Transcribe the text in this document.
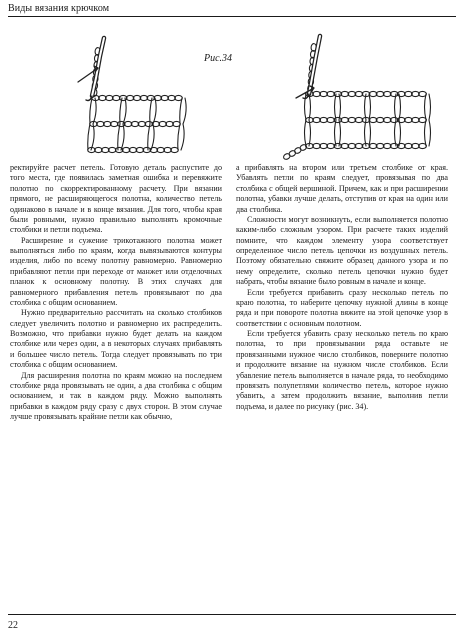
Виды вязания крючком
Рис.34

ректируйте расчет петель. Готовую деталь распустите до того места, где появилась заметная ошибка и перевяжите полотно по скорректированному расчету. При вязании прямого, не расширяющегося полотна, количество петель одинаково в начале и в конце вязания. Для того, чтобы края были ровными, нужно правильно выполнять кромочные столбики и петли подъема.

Расширение и сужение трикотажного полотна может выполняться либо по краям, когда вывязываются контуры изделия, либо по всему полотну равномерно. Равномерно прибавляют петли при переходе от манжет или отделочных планок к основному полотну. В этих случаях для равномерного прибавления петель провязывают по два столбика с общим основанием.

Нужно предварительно рассчитать на сколько столбиков следует увеличить полотно и равномерно их распределить. Возможно, что прибавки нужно будет делать на каждом столбике или через один, а в некоторых случаях прибавлять и большее число петель. Тогда следует провязывать по три столбика с общим основанием.

Для расширения полотна по краям можно на последнем столбике ряда провязывать не один, а два столбика с общим основанием, и так в каждом ряду. Можно выполнять прибавки в каждом ряду сразу с двух сторон. В этом случае лучше провязывать крайние петли как обычно,

а прибавлять на втором или третьем столбике от края. Убавлять петли по краям следует, провязывая по два столбика с общей вершиной. Причем, как и при расширении полотна, убавки лучше делать, отступив от края на один или два столбика.

Сложности могут возникнуть, если выполняется полотно каким-либо сложным узором. При расчете таких изделий помните, что каждом элементу узора соответствует определенное число петель цепочки из воздушных петель. Поэтому обязательно свяжите образец данного узора и по нему определите, сколько петель цепочки нужно будет набрать, чтобы вязание было ровным в начале и конце.

Если требуется прибавить сразу несколько петель по краю полотна, то наберите цепочку нужной длины в конце ряда и при повороте полотна вяжите на этой цепочке узор в соответствии с основным полотном.

Если требуется убавить сразу несколько петель по краю полотна, то при провязывании ряда оставьте не провязанными нужное число столбиков, поверните полотно и продолжите вязание на нужном числе столбиков. Если убавление петель выполняется в начале ряда, то необходимо провязать полупетлями количество петель, которое нужно убавить, а затем продолжить вязание, выполнив петли подъема, и далее по рисунку (рис. 34).

22
